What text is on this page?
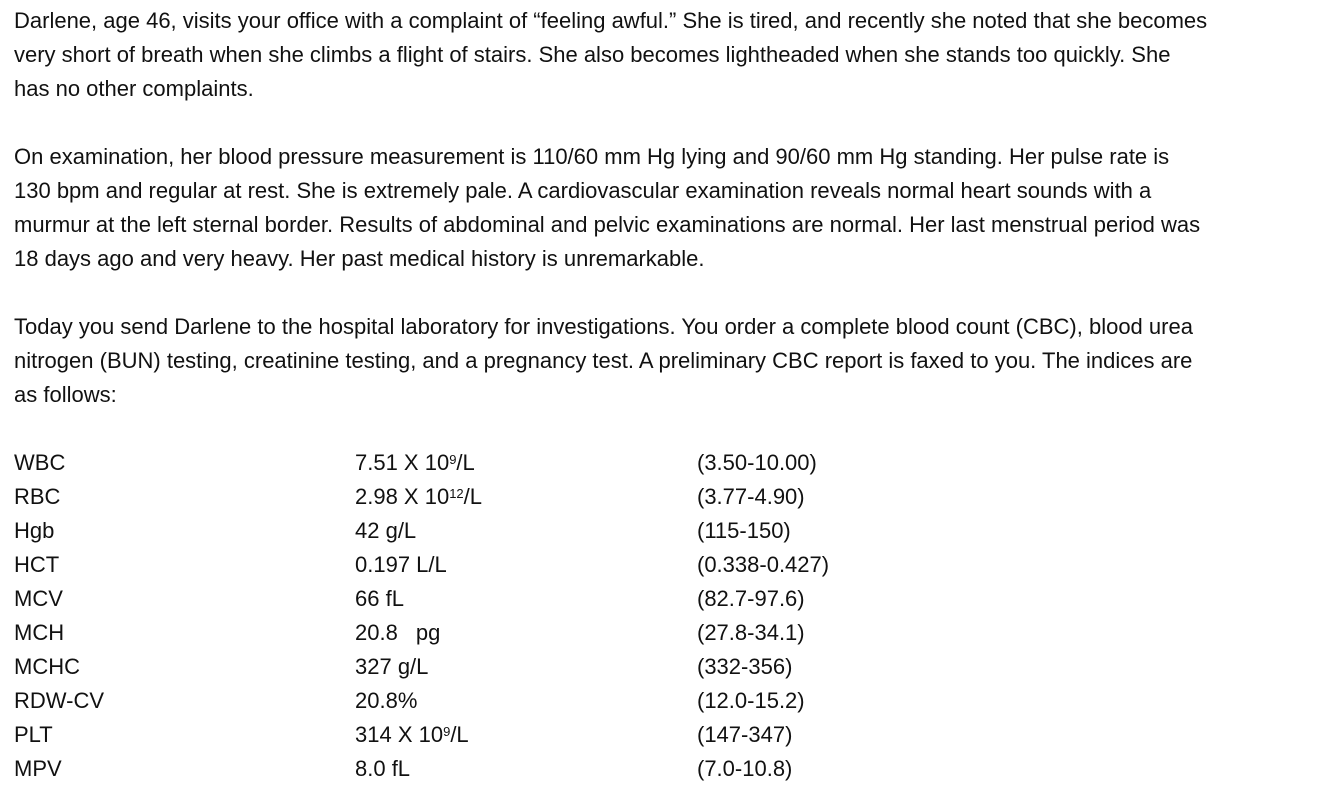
Darlene, age 46, visits your office with a complaint of “feeling awful.” She is tired, and recently she noted that she becomes
very short of breath when she climbs a flight of stairs. She also becomes lightheaded when she stands too quickly. She
has no other complaints.
On examination, her blood pressure measurement is 110/60 mm Hg lying and 90/60 mm Hg standing. Her pulse rate is
130 bpm and regular at rest. She is extremely pale. A cardiovascular examination reveals normal heart sounds with a
murmur at the left sternal border. Results of abdominal and pelvic examinations are normal. Her last menstrual period was
18 days ago and very heavy. Her past medical history is unremarkable.
Today you send Darlene to the hospital laboratory for investigations. You order a complete blood count (CBC), blood urea
nitrogen (BUN) testing, creatinine testing, and a pregnancy test. A preliminary CBC report is faxed to you. The indices are
as follows:
WBC	7.51 X $10^9/L$	(3.50-10.00)
RBC	2.98 X $10^{12}/L$	(3.77-4.90)
Hgb	42 g/L	(115-150)
HCT	0.197 L/L	(0.338-0.427)
MCV	66 fL	(82.7-97.6)
MCH	20.8 pg	(27.8-34.1)
MCHC	327 g/L	(332-356)
RDW-CV	20.8%	(12.0-15.2)
PLT	314 X $10^9/L$	(147-347)
MPV	8.0 fL	(7.0-10.8)
